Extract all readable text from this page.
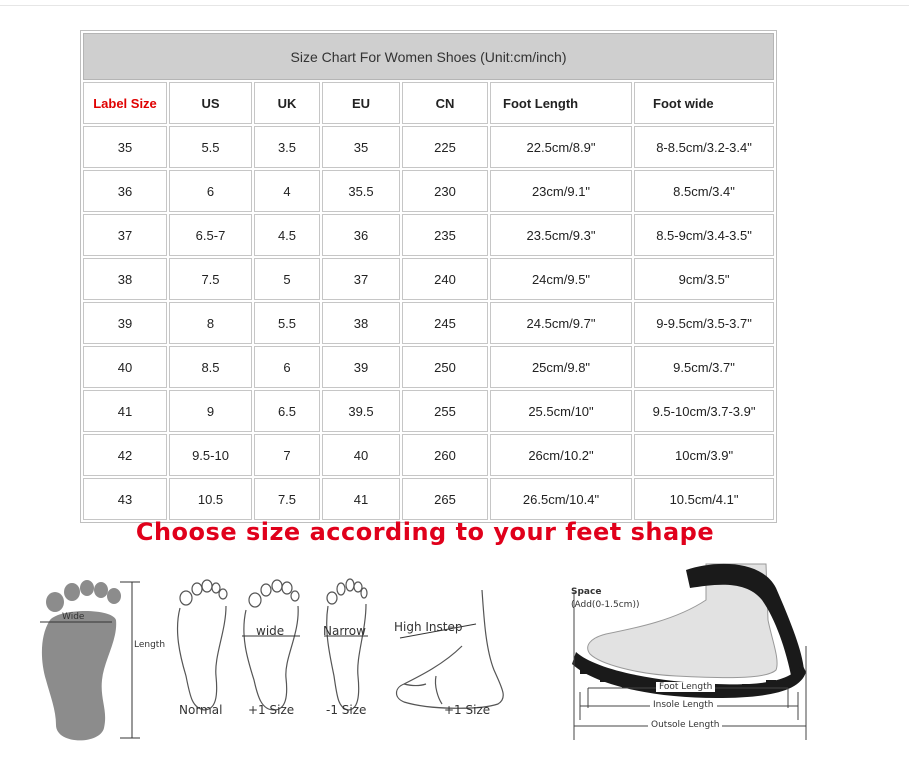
Size Chart For Women Shoes (Unit:cm/inch)						
Label Size	US	UK	EU	CN	Foot Length	Foot wide
35	5.5	3.5	35	225	22.5cm/8.9"	8-8.5cm/3.2-3.4"
36	6	4	35.5	230	23cm/9.1"	8.5cm/3.4"
37	6.5-7	4.5	36	235	23.5cm/9.3"	8.5-9cm/3.4-3.5"
38	7.5	5	37	240	24cm/9.5"	9cm/3.5"
39	8	5.5	38	245	24.5cm/9.7"	9-9.5cm/3.5-3.7"
40	8.5	6	39	250	25cm/9.8"	9.5cm/3.7"
41	9	6.5	39.5	255	25.5cm/10"	9.5-10cm/3.7-3.9"
42	9.5-10	7	40	260	26cm/10.2"	10cm/3.9"
43	10.5	7.5	41	265	26.5cm/10.4"	10.5cm/4.1"
Choose size according to your feet shape
Wide
Length
Normal
wide
+1 Size
Narrow
-1 Size
High Instep
+1 Size
Space
(Add(0-1.5cm))
Foot Length
Insole Length
Outsole Length
